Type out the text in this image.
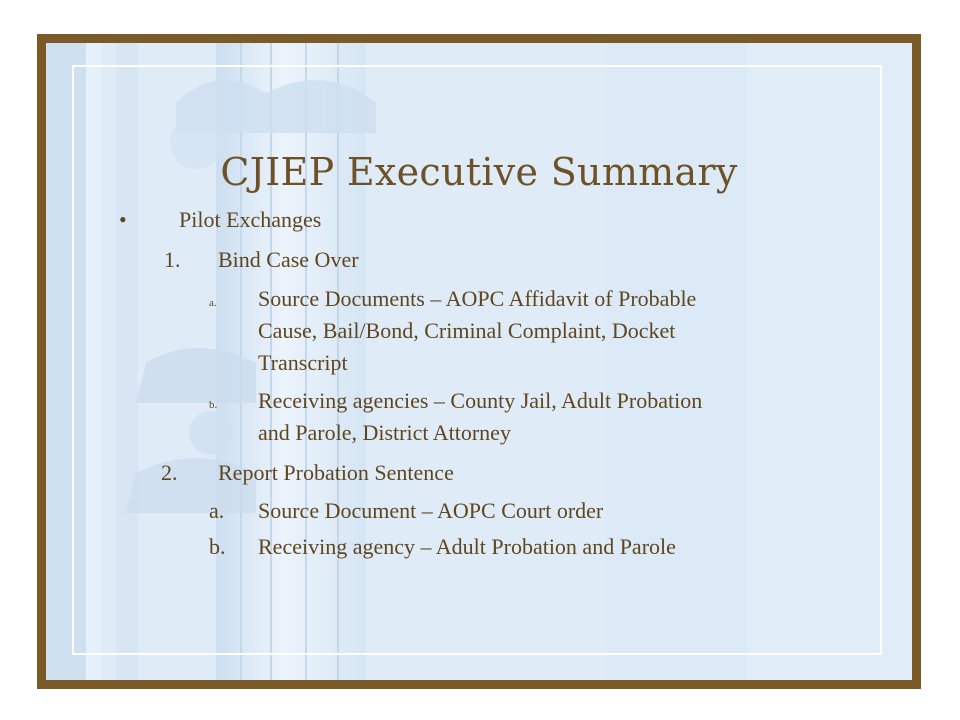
CJIEP Executive Summary
• Pilot Exchanges
1. Bind Case Over
a. Source Documents – AOPC Affidavit of Probable
Cause, Bail/Bond, Criminal Complaint, Docket
Transcript
b. Receiving agencies – County Jail, Adult Probation
and Parole, District Attorney
2. Report Probation Sentence
a. Source Document – AOPC Court order
b. Receiving agency – Adult Probation and Parole
